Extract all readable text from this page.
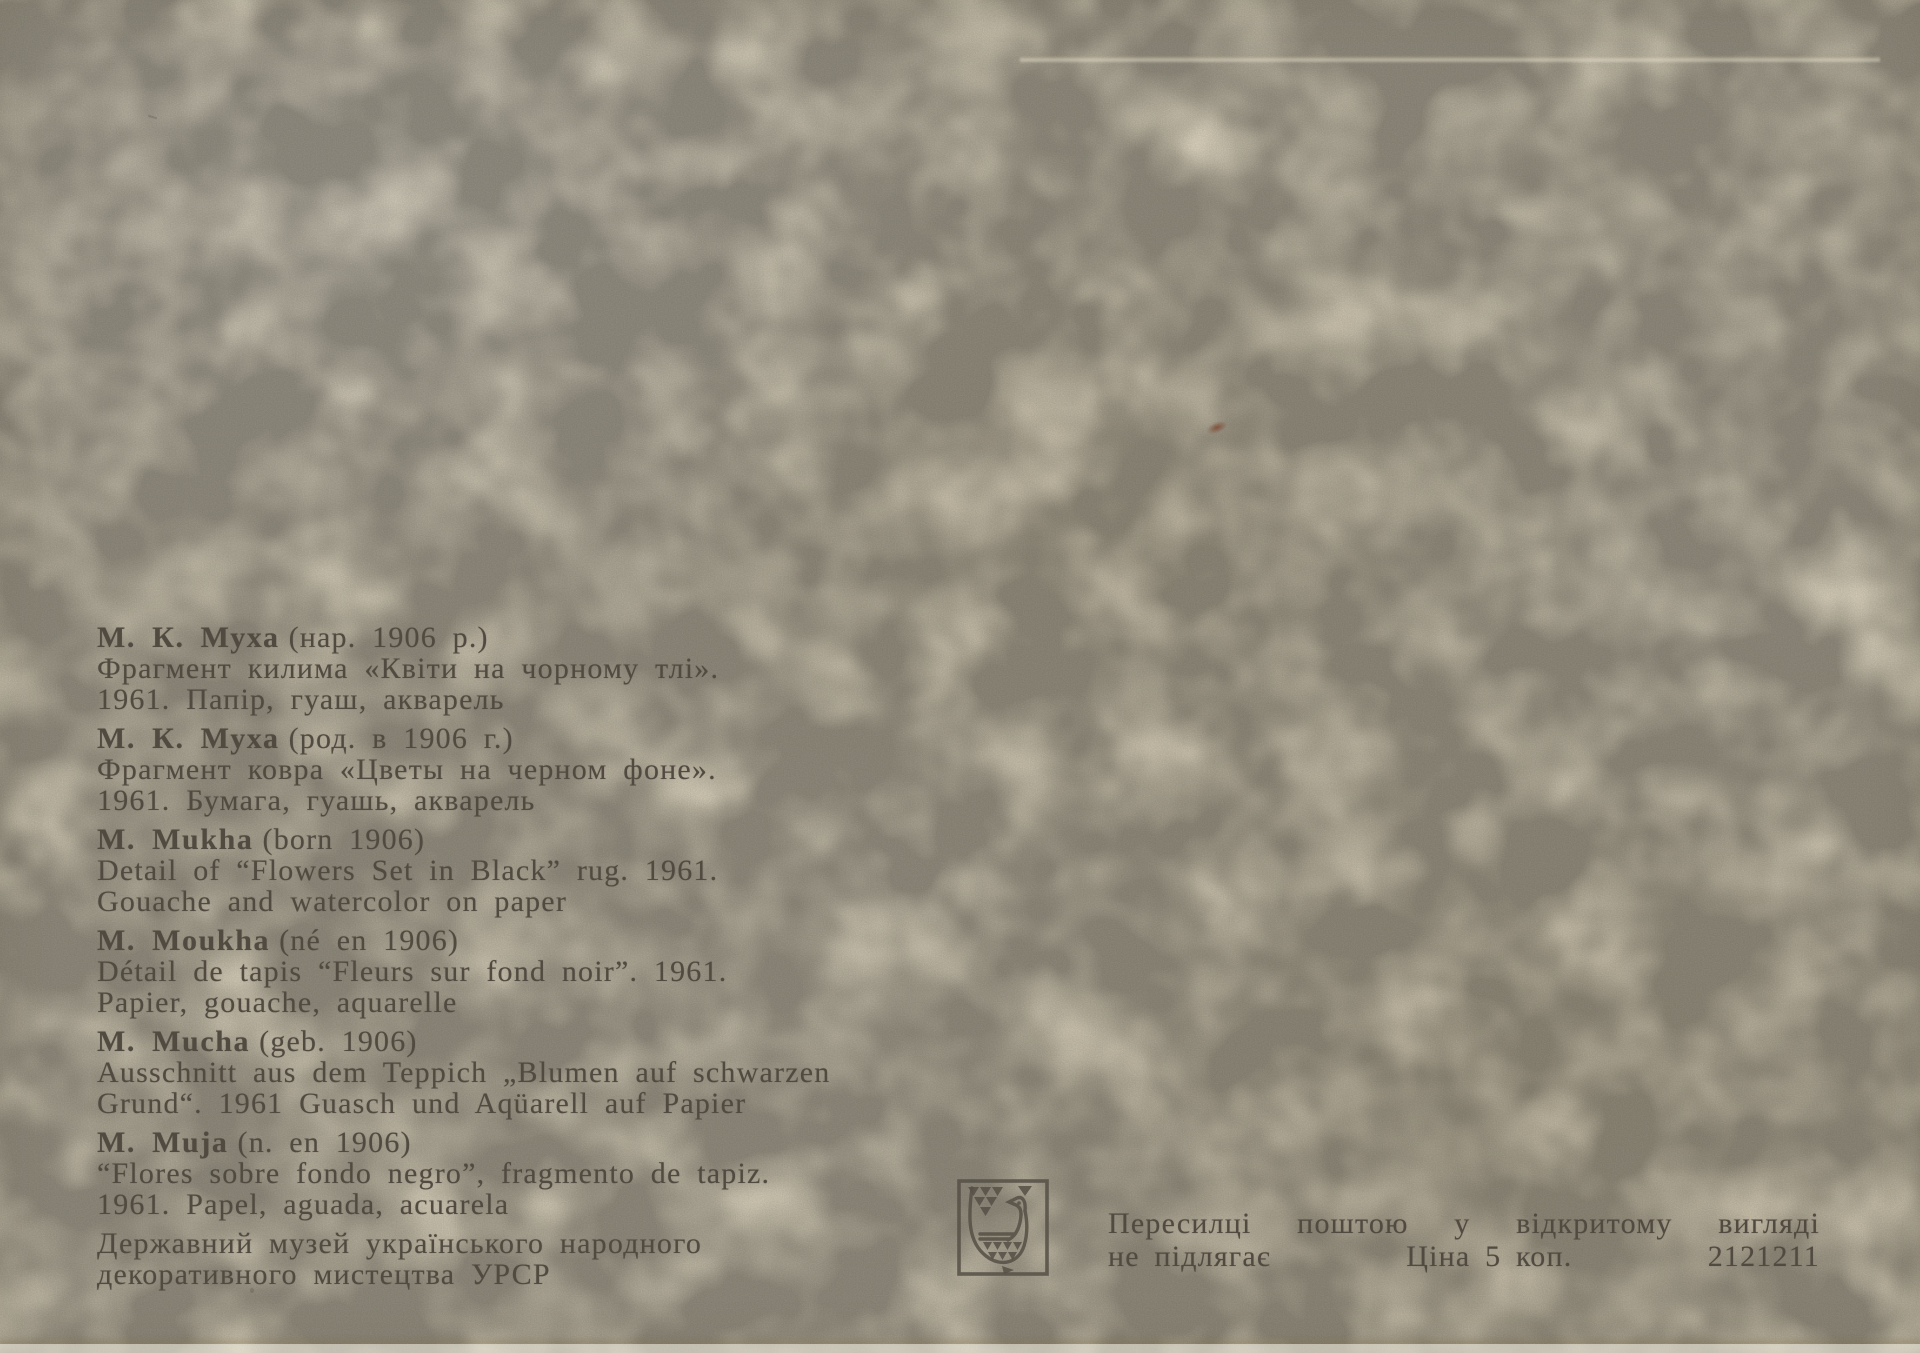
М. К. Муха (нар. 1906 р.)
Фрагмент килима «Квіти на чорному тлі».
1961. Папір, гуаш, акварель
М. К. Муха (род. в 1906 г.)
Фрагмент ковра «Цветы на черном фоне».
1961. Бумага, гуашь, акварель
M. Mukha (born 1906)
Detail of “Flowers Set in Black” rug. 1961.
Gouache and watercolor on paper
M. Moukha (né en 1906)
Détail de tapis “Fleurs sur fond noir”. 1961.
Papier, gouache, aquarelle
M. Mucha (geb. 1906)
Ausschnitt aus dem Teppich „Blumen auf schwarzen
Grund“. 1961 Guasch und Aqüarell auf Papier
M. Muja (n. en 1906)
“Flores sobre fondo negro”, fragmento de tapiz.
1961. Papel, aguada, acuarela
Державний музей українського народного
декоративного мистецтва УРСР
Пересилці поштою у відкритому вигляді
не підлягає	Ціна 5 коп.	2121211
